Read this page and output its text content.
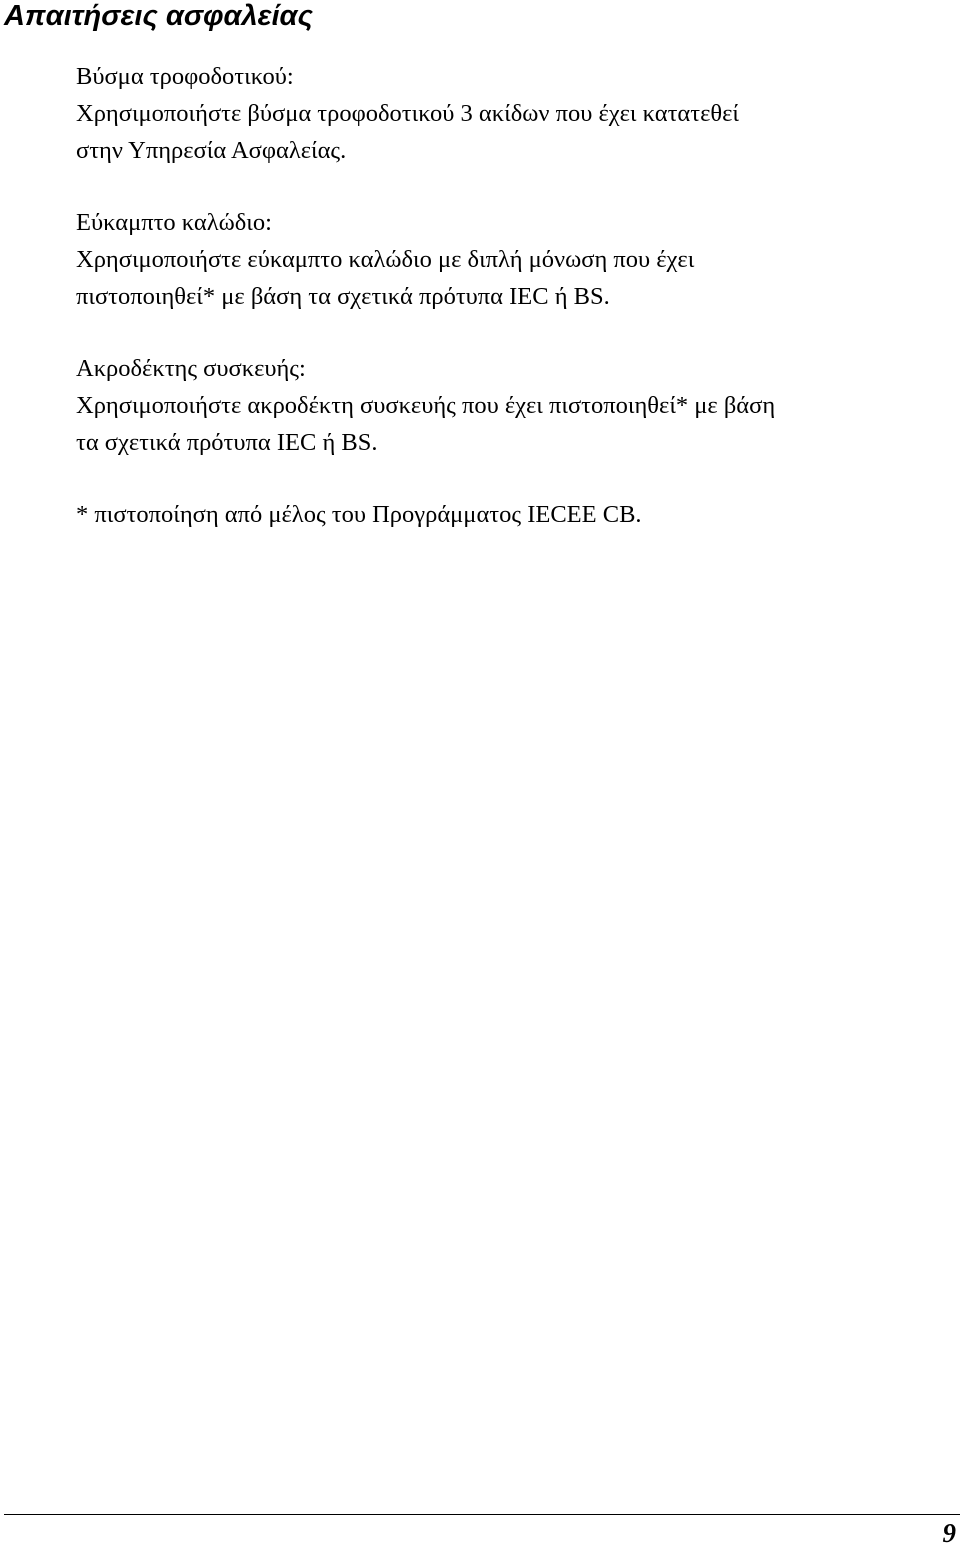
Απαιτήσεις ασφαλείας

Βύσμα τροφοδοτικού:

Χρησιμοποιήστε βύσμα τροφοδοτικού 3 ακίδων που έχει κατατεθεί

στην Υπηρεσία Ασφαλείας.

Εύκαμπτο καλώδιο:

Χρησιμοποιήστε εύκαμπτο καλώδιο με διπλή μόνωση που έχει

πιστοποιηθεί* με βάση τα σχετικά πρότυπα IEC ή BS.

Ακροδέκτης συσκευής:

Χρησιμοποιήστε ακροδέκτη συσκευής που έχει πιστοποιηθεί* με βάση

τα σχετικά πρότυπα IEC ή BS.

* πιστοποίηση από μέλος του Προγράμματος IECEE CB.

9
